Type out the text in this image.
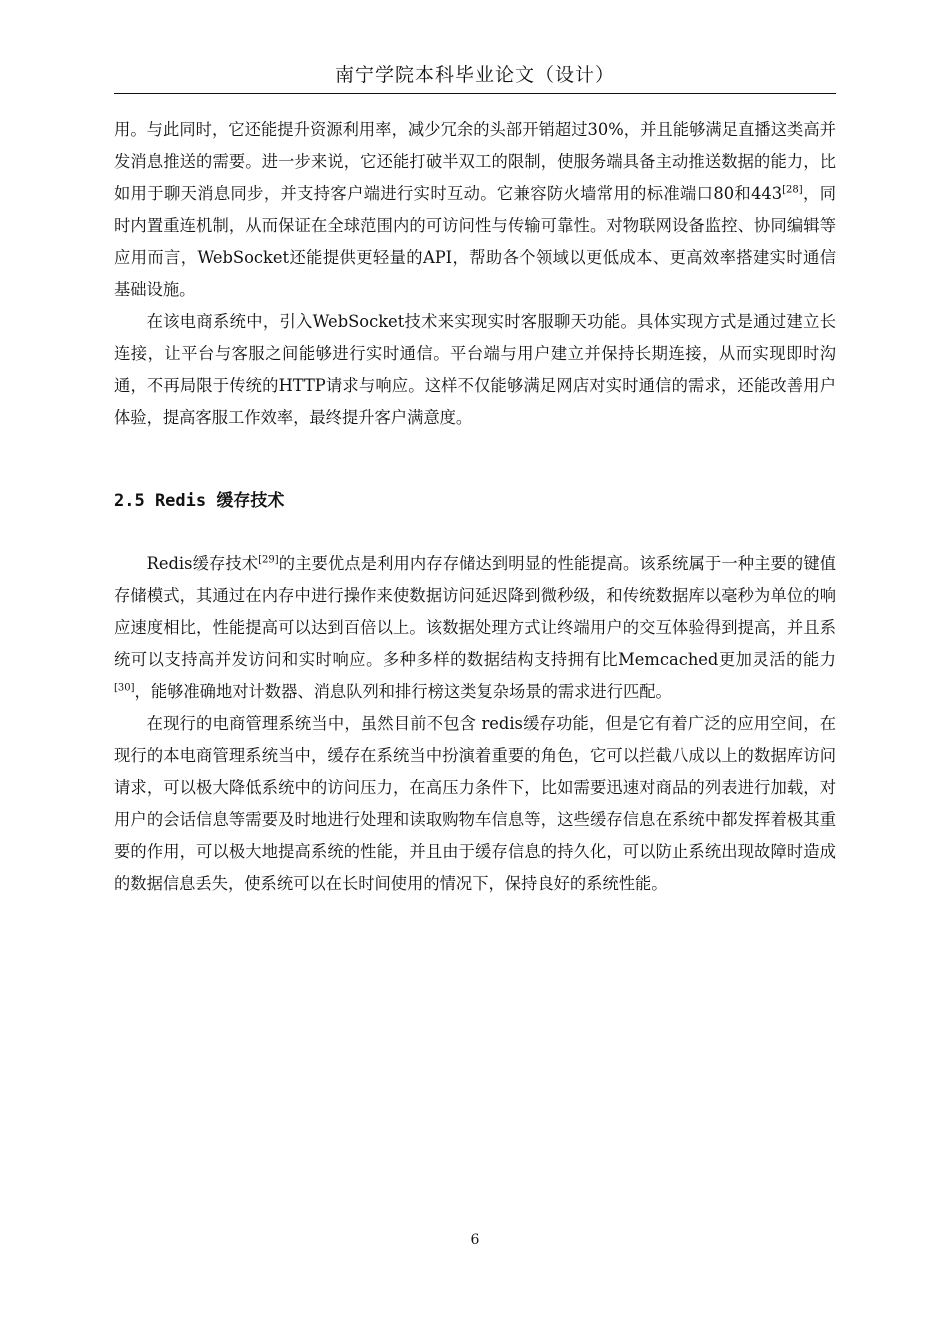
南宁学院本科毕业论文（设计）

用。与此同时，它还能提升资源利用率，减少冗余的头部开销超过30%，并且能够满足直播这类高并发消息推送的需要。进一步来说，它还能打破半双工的限制，使服务端具备主动推送数据的能力，比如用于聊天消息同步，并支持客户端进行实时互动。它兼容防火墙常用的标准端口80和443[28]，同时内置重连机制，从而保证在全球范围内的可访问性与传输可靠性。对物联网设备监控、协同编辑等应用而言，WebSocket还能提供更轻量的API，帮助各个领域以更低成本、更高效率搭建实时通信基础设施。

在该电商系统中，引入WebSocket技术来实现实时客服聊天功能。具体实现方式是通过建立长连接，让平台与客服之间能够进行实时通信。平台端与用户建立并保持长期连接，从而实现即时沟通，不再局限于传统的HTTP请求与响应。这样不仅能够满足网店对实时通信的需求，还能改善用户体验，提高客服工作效率，最终提升客户满意度。

2.5 Redis 缓存技术

Redis缓存技术[29]的主要优点是利用内存存储达到明显的性能提高。该系统属于一种主要的键值存储模式，其通过在内存中进行操作来使数据访问延迟降到微秒级，和传统数据库以毫秒为单位的响应速度相比，性能提高可以达到百倍以上。该数据处理方式让终端用户的交互体验得到提高，并且系统可以支持高并发访问和实时响应。多种多样的数据结构支持拥有比Memcached更加灵活的能力[30]，能够准确地对计数器、消息队列和排行榜这类复杂场景的需求进行匹配。

在现行的电商管理系统当中，虽然目前不包含 redis缓存功能，但是它有着广泛的应用空间，在现行的本电商管理系统当中，缓存在系统当中扮演着重要的角色，它可以拦截八成以上的数据库访问请求，可以极大降低系统中的访问压力，在高压力条件下，比如需要迅速对商品的列表进行加载，对用户的会话信息等需要及时地进行处理和读取购物车信息等，这些缓存信息在系统中都发挥着极其重要的作用，可以极大地提高系统的性能，并且由于缓存信息的持久化，可以防止系统出现故障时造成的数据信息丢失，使系统可以在长时间使用的情况下，保持良好的系统性能。

6
